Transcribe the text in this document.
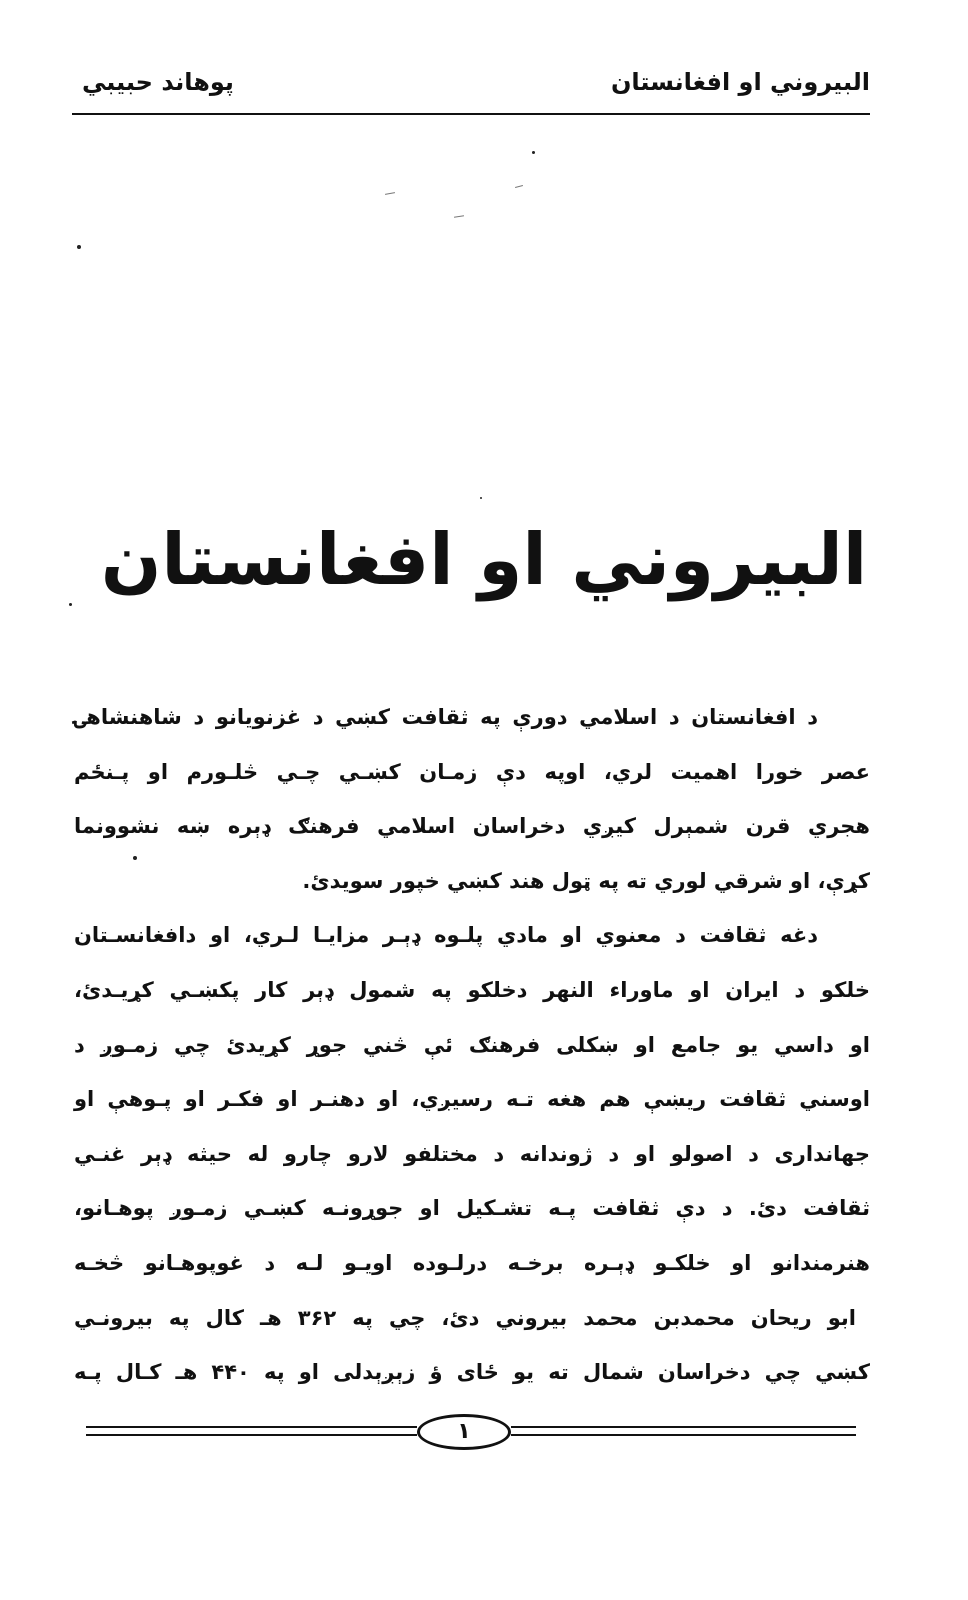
البیروني او افغانستان
پوهاند حبیبي
البیروني او افغانستان
د افغانستان د اسلامي دورې په ثقافت کښي د غزنویانو د شاهنشاهۍ
عصر خورا اهمیت لري، اوپه دې زمـان کښـي چـي څلـورم او پـنځم
هجري قرن شمېرل کیږي دخراسان اسلامي فرهنګ ډېره ښه نشوونما
کړې، او شرقي لوري ته په ټول هند کښي خپور سویدئ.
دغه ثقافت د معنوي او مادي پلـوه ډېـر مزایـا لـري، او دافغانسـتان
خلکو د ایران او ماوراء النهر دخلکو په شمول ډېر کار پکښـي کړیـدئ،
او داسي یو جامع او ښکلی فرهنګ ئې څني جوړ کړیدئ چي زمـوږ د
اوسني ثقافت ریښې هم هغه تـه رسیږي، او دهنـر او فکـر او پـوهې او
جهانداری د اصولو او د ژوندانه د مختلفو لارو چارو له حیثه ډېر غنـي
ثقافت دئ. د دې ثقافت پـه تشـکیل او جوړونـه کښـي زمـوږ پوهـانو،
هنرمندانو او خلکـو ډېـره برخـه درلـوده اویـو لـه د غوپوهـانو څخـه
ابو ریحان محمدبن محمد بیروني دئ، چي په ۳۶۲ هـ کال په بیرونـي
کښي چي دخراسان شمال ته یو ځای ؤ زېږېدلی او په ۴۴۰ هـ کـال پـه
۱
